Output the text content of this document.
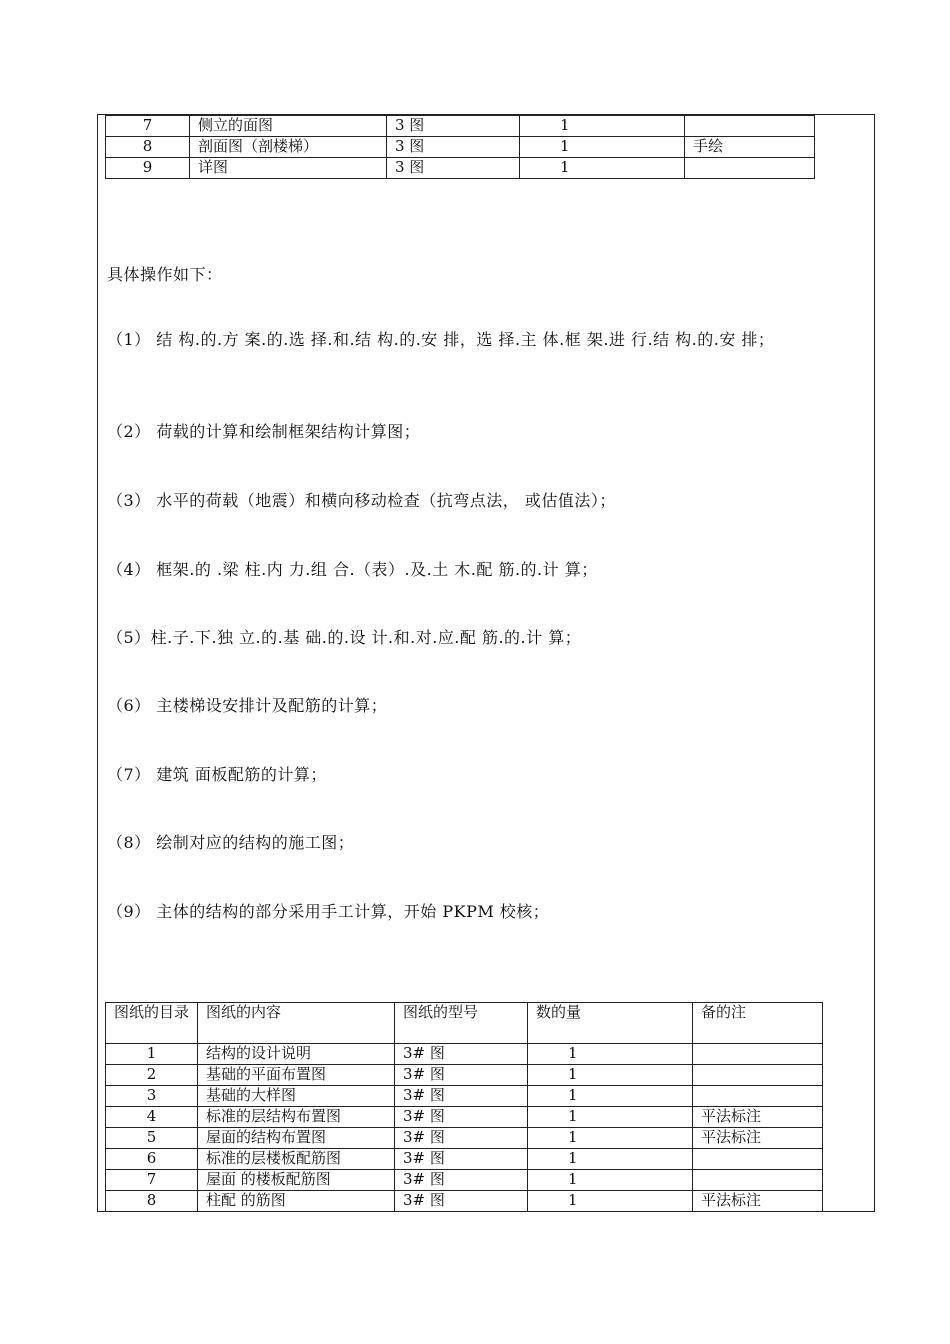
7	侧立的面图	3 图	1	
8	剖面图（剖楼梯）	3 图	1	手绘
9	详图	3 图	1	
具体操作如下：
（1） 结 构.的.方 案.的.选 择.和.结 构.的.安 排，选 择.主 体.框 架.进 行.结 构.的.安 排；
（2） 荷载的计算和绘制框架结构计算图；
（3） 水平的荷载（地震）和横向移动检查（抗弯点法， 或估值法）；
（4） 框架.的 .梁 柱.内 力.组 合.（表）.及.土 木.配 筋.的.计 算；
（5）柱.子.下.独 立.的.基 础.的.设 计.和.对.应.配 筋.的.计 算；
（6） 主楼梯设安排计及配筋的计算；
（7） 建筑 面板配筋的计算；
（8） 绘制对应的结构的施工图；
（9） 主体的结构的部分采用手工计算，开始 PKPM 校核；
图纸的目录	图纸的内容	图纸的型号	数的量	备的注
1	结构的设计说明	3# 图	1	
2	基础的平面布置图	3# 图	1	
3	基础的大样图	3# 图	1	
4	标准的层结构布置图	3# 图	1	平法标注
5	屋面的结构布置图	3# 图	1	平法标注
6	标准的层楼板配筋图	3# 图	1	
7	屋面 的楼板配筋图	3# 图	1	
8	柱配 的筋图	3# 图	1	平法标注
